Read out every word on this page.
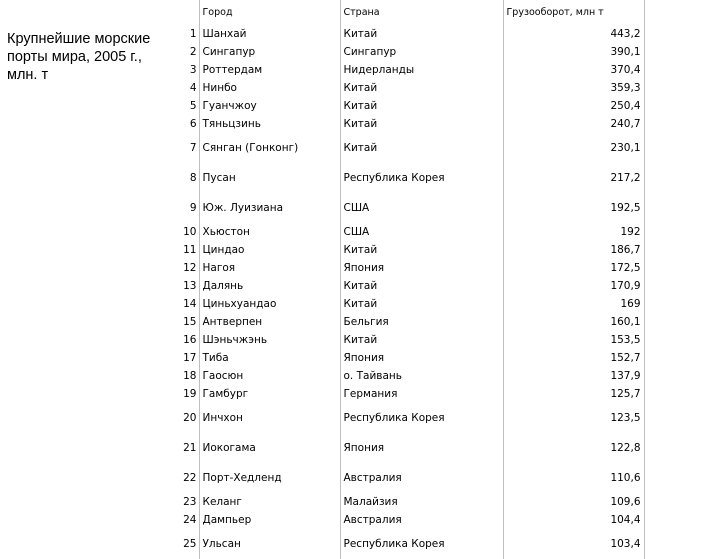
Крупнейшие морские порты мира, 2005 г., млн. т
	Город	Страна	Грузооборот, млн т
1	Шанхай	Китай	443,2
2	Сингапур	Сингапур	390,1
3	Роттердам	Нидерланды	370,4
4	Нинбо	Китай	359,3
5	Гуанчжоу	Китай	250,4
6	Тяньцзинь	Китай	240,7
7	Сянган (Гонконг)	Китай	230,1
8	Пусан	Республика Корея	217,2
9	Юж. Луизиана	США	192,5
10	Хьюстон	США	192
11	Циндао	Китай	186,7
12	Нагоя	Япония	172,5
13	Далянь	Китай	170,9
14	Циньхуандао	Китай	169
15	Антверпен	Бельгия	160,1
16	Шэньчжэнь	Китай	153,5
17	Тиба	Япония	152,7
18	Гаосюн	о. Тайвань	137,9
19	Гамбург	Германия	125,7
20	Инчхон	Республика Корея	123,5
21	Иокогама	Япония	122,8
22	Порт-Хедленд	Австралия	110,6
23	Келанг	Малайзия	109,6
24	Дампьер	Австралия	104,4
25	Ульсан	Республика Корея	103,4
